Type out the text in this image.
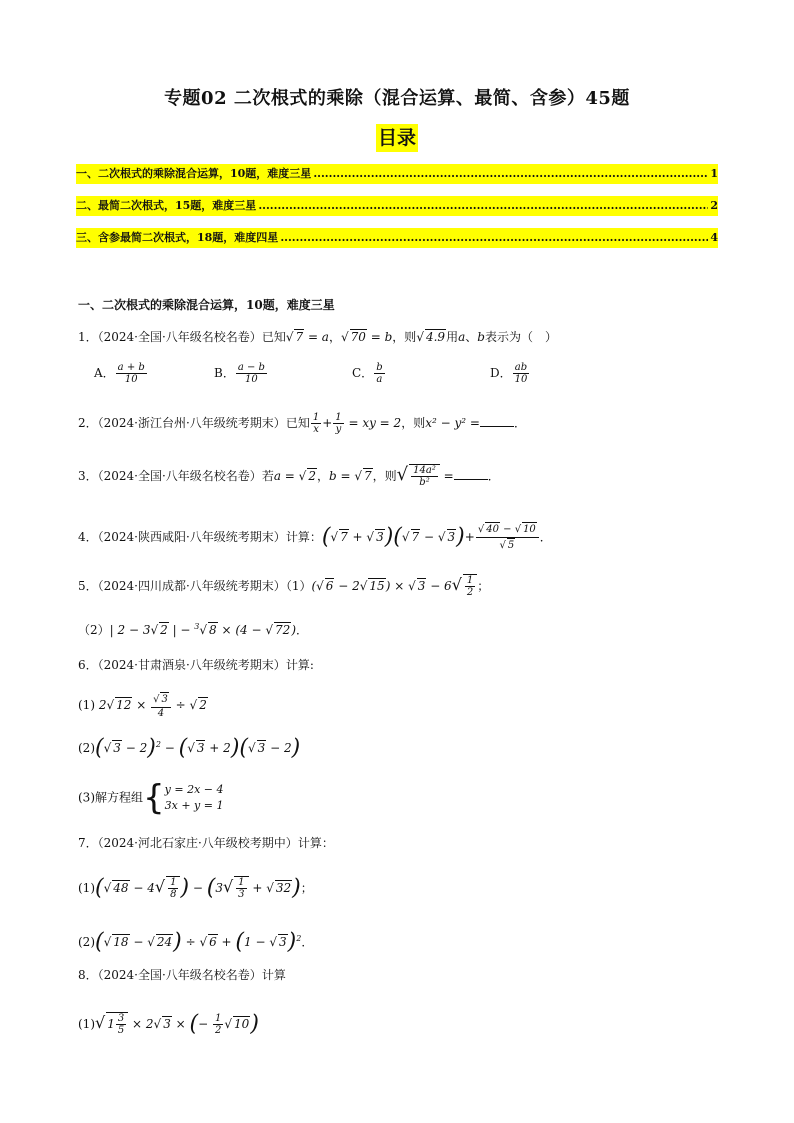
专题02 二次根式的乘除（混合运算、最简、含参）45题
目录
一、二次根式的乘除混合运算，10题，难度三星 .....	1
二、最简二次根式，15题，难度三星 .....	2
三、含参最简二次根式，18题，难度四星 .....	4
一、二次根式的乘除混合运算，10题，难度三星
1．（2024·全国·八年级名校名卷）已知√ 7 = a，√ 70 = b，则√ 4.9用a、b表示为（　）
A． $\frac{a + b}{10}$	B． $\frac{a - b}{10}$	C． $\frac{b}{a}$	D． $\frac{ab}{10}$
2．（2024·浙江台州·八年级统考期末）已知 $\frac{1}{x} + \frac{1}{y}$ = xy = 2，则x² − y² =	．
3．（2024·全国·八年级名校名卷）若a = √ 2，b = √ 7，则√ $\frac{\text{14a²}}{\text{b²}}$ =	．
4．（2024·陕西咸阳·八年级统考期末）计算：(√ 7 + √ 3)(√ 7 − √ $3)+ \frac{√ 40 - √ 10}{√ 5}$ ．
5．（2024·四川成都·八年级统考期末）（1）(√ 6 − 2√ 15) × √ $3 - 6√ \frac{1}{2}$ ；
（2）| 2 − 3√ 2 | − $^3$√ 8 × (4 − √ 72)．
6．（2024·甘肃酒泉·八年级统考期末）计算:
(1) 2√ $12 \times \frac{√ 3}{4}$ ÷ √ 2
(2)(√ 3 − 2)$^2$ − (√ 3 + 2)(√ 3 − 2)
(3)解方程组{ y = 2x − 4
3x + y = 1
7．（2024·河北石家庄·八年级校考期中）计算：
(1)(√ $48 - 4√ \frac{1}{8}$ ) − ($3√ \frac{1}{3}$ + √ 32)；
(2)(√ 18 − √ 24) ÷ √ 6 + (1 − √ 3)$^2$．
8．（2024·全国·八年级名校名卷）计算
(1)√ $1 \frac{3}{5} \times 2√$ 3 × (− $\frac{1}{2}$ √ 10)
